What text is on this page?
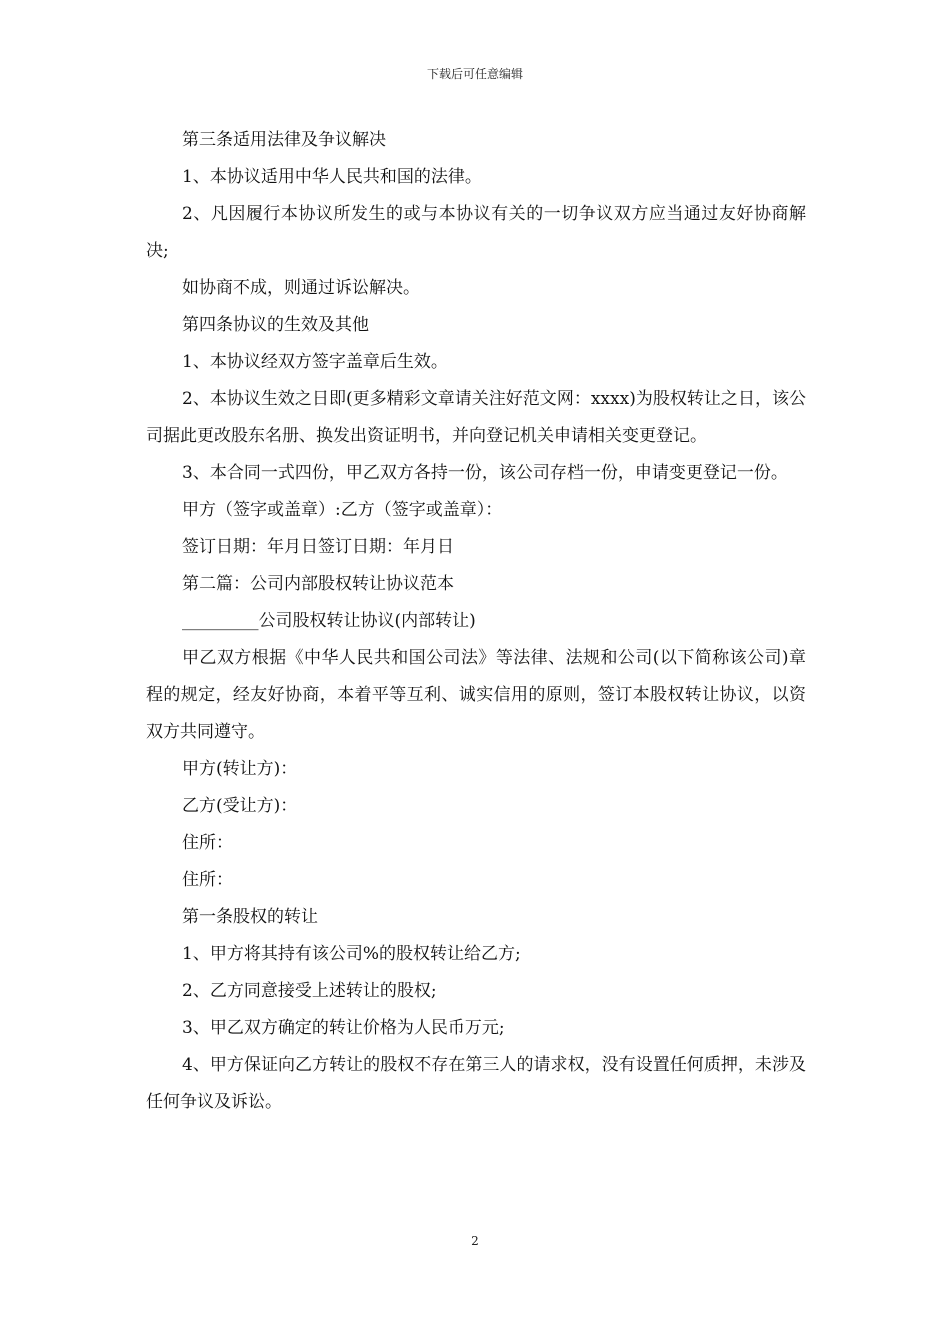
下载后可任意编辑

第三条适用法律及争议解决

1、本协议适用中华人民共和国的法律。

2、凡因履行本协议所发生的或与本协议有关的一切争议双方应当通过友好协商解决;

如协商不成，则通过诉讼解决。

第四条协议的生效及其他

1、本协议经双方签字盖章后生效。

2、本协议生效之日即(更多精彩文章请关注好范文网：xxxx)为股权转让之日，该公司据此更改股东名册、换发出资证明书，并向登记机关申请相关变更登记。

3、本合同一式四份，甲乙双方各持一份，该公司存档一份，申请变更登记一份。

甲方（签字或盖章）:乙方（签字或盖章）：

签订日期：年月日签订日期：年月日

第二篇：公司内部股权转让协议范本

_________公司股权转让协议(内部转让)

甲乙双方根据《中华人民共和国公司法》等法律、法规和公司(以下简称该公司)章程的规定，经友好协商，本着平等互利、诚实信用的原则，签订本股权转让协议，以资双方共同遵守。

甲方(转让方)：

乙方(受让方)：

住所：

住所：

第一条股权的转让

1、甲方将其持有该公司%的股权转让给乙方;

2、乙方同意接受上述转让的股权;

3、甲乙双方确定的转让价格为人民币万元;

4、甲方保证向乙方转让的股权不存在第三人的请求权，没有设置任何质押，未涉及任何争议及诉讼。

2
